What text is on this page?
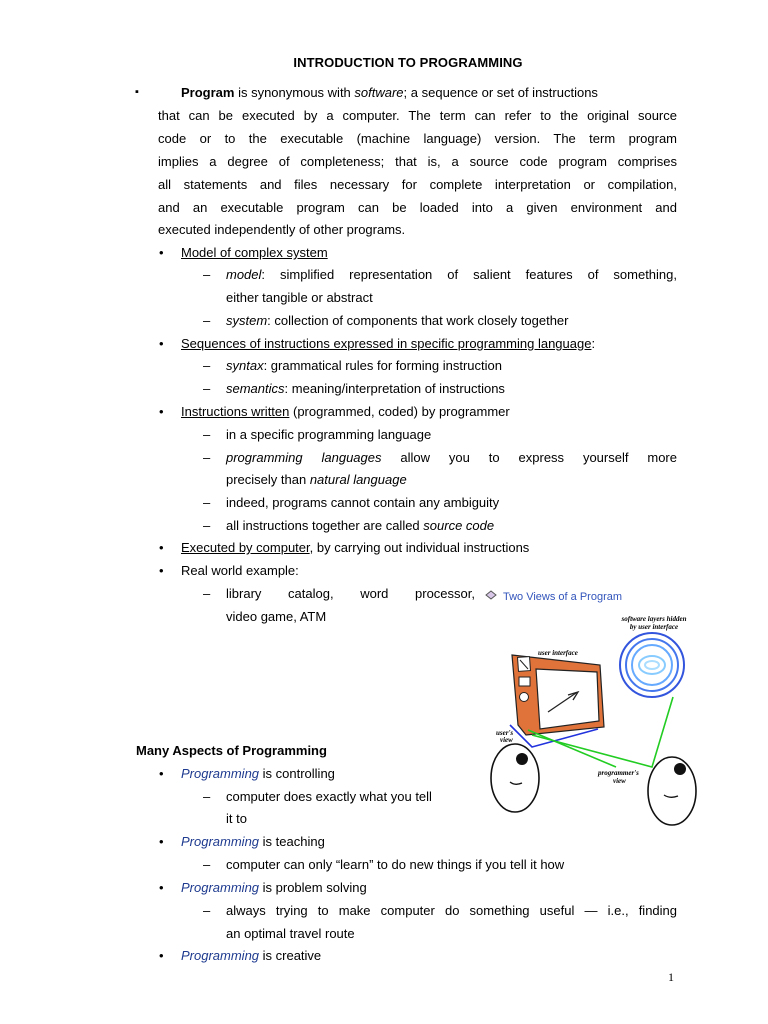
INTRODUCTION TO PROGRAMMING
▪	Program is synonymous with software; a sequence or set of instructions
that can be executed by a computer. The term can refer to the original source
code or to the executable (machine language) version. The term program
implies a degree of completeness; that is, a source code program comprises
all statements and files necessary for complete interpretation or compilation,
and an executable program can be loaded into a given environment and
executed independently of other programs.
• Model of complex system
– model: simplified representation of salient features of something,
either tangible or abstract
– system: collection of components that work closely together
• Sequences of instructions expressed in specific programming language:
– syntax: grammatical rules for forming instruction
– semantics: meaning/interpretation of instructions
• Instructions written (programmed, coded) by programmer
– in a specific programming language
– programming languages allow you to express yourself more
precisely than natural language
– indeed, programs cannot contain any ambiguity
– all instructions together are called source code
• Executed by computer, by carrying out individual instructions
• Real world example:
– library catalog, word processor,
video game, ATM
Two Views of a Program
software layers hidden
by user interface
user interface
user's
view
programmer's
view
Many Aspects of Programming
• Programming is controlling
– computer does exactly what you tell
it to
• Programming is teaching
– computer can only “learn” to do new things if you tell it how
• Programming is problem solving
– always trying to make computer do something useful — i.e., finding
an optimal travel route
• Programming is creative
1
